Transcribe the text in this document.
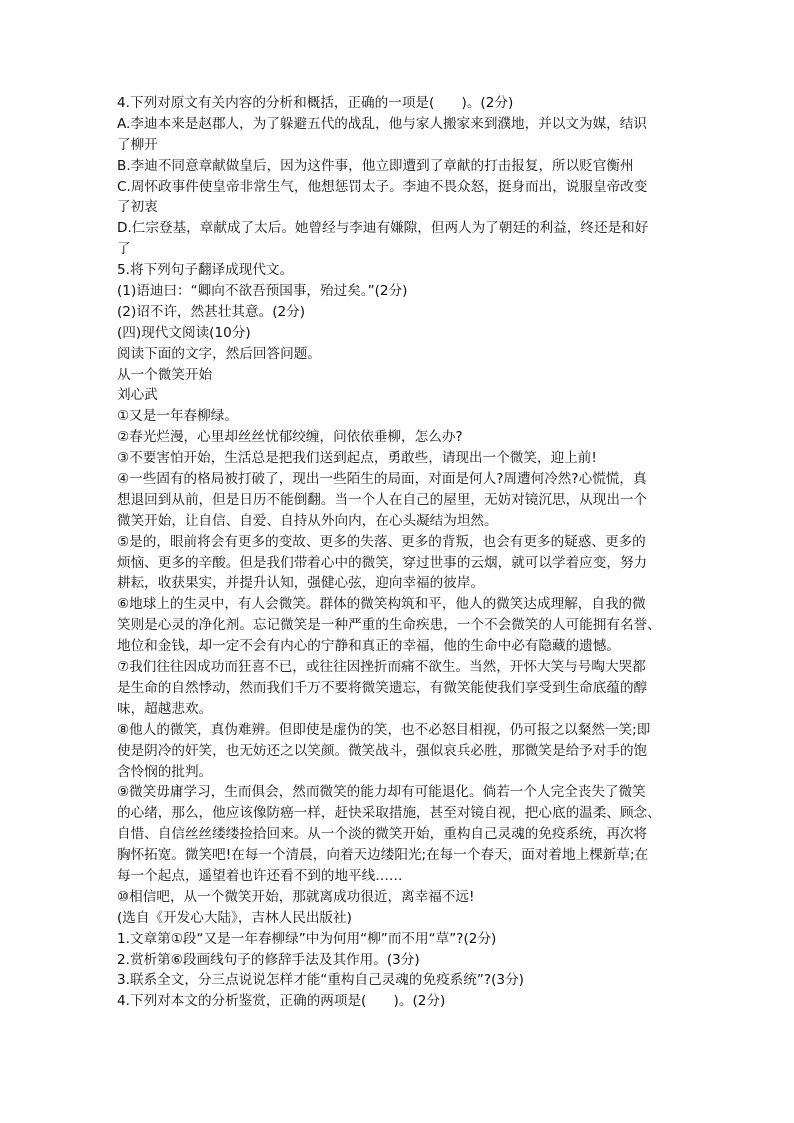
4.下列对原文有关内容的分析和概括，正确的一项是(　　)。(2分)
A.李迪本来是赵郡人，为了躲避五代的战乱，他与家人搬家来到濮地，并以文为媒，结识
了柳开
B.李迪不同意章献做皇后，因为这件事，他立即遭到了章献的打击报复，所以贬官衡州
C.周怀政事件使皇帝非常生气，他想惩罚太子。李迪不畏众怒，挺身而出，说服皇帝改变
了初衷
D.仁宗登基，章献成了太后。她曾经与李迪有嫌隙，但两人为了朝廷的利益，终还是和好
了
5.将下列句子翻译成现代文。
(1)语迪曰：“卿向不欲吾预国事，殆过矣。”(2分)
(2)诏不许，然甚壮其意。(2分)
(四)现代文阅读(10分)
阅读下面的文字，然后回答问题。
从一个微笑开始
刘心武
①又是一年春柳绿。
②春光烂漫，心里却丝丝忧郁绞缠，问依依垂柳，怎么办?
③不要害怕开始，生活总是把我们送到起点，勇敢些，请现出一个微笑，迎上前!
④一些固有的格局被打破了，现出一些陌生的局面，对面是何人?周遭何冷然?心慌慌，真
想退回到从前，但是日历不能倒翻。当一个人在自己的屋里，无妨对镜沉思，从现出一个
微笑开始，让自信、自爱、自持从外向内，在心头凝结为坦然。
⑤是的，眼前将会有更多的变故、更多的失落、更多的背叛，也会有更多的疑惑、更多的
烦恼、更多的辛酸。但是我们带着心中的微笑，穿过世事的云烟，就可以学着应变，努力
耕耘，收获果实，并提升认知，强健心弦，迎向幸福的彼岸。
⑥地球上的生灵中，有人会微笑。群体的微笑构筑和平，他人的微笑达成理解，自我的微
笑则是心灵的净化剂。忘记微笑是一种严重的生命疾患，一个不会微笑的人可能拥有名誉、
地位和金钱，却一定不会有内心的宁静和真正的幸福，他的生命中必有隐藏的遗憾。
⑦我们往往因成功而狂喜不已，或往往因挫折而痛不欲生。当然，开怀大笑与号啕大哭都
是生命的自然悸动，然而我们千万不要将微笑遗忘，有微笑能使我们享受到生命底蕴的醇
味，超越悲欢。
⑧他人的微笑，真伪难辨。但即使是虚伪的笑，也不必怒目相视，仍可报之以粲然一笑;即
使是阴冷的奸笑，也无妨还之以笑颜。微笑战斗，强似哀兵必胜，那微笑是给予对手的饱
含怜悯的批判。
⑨微笑毋庸学习，生而俱会，然而微笑的能力却有可能退化。倘若一个人完全丧失了微笑
的心绪，那么，他应该像防癌一样，赶快采取措施，甚至对镜自视，把心底的温柔、顾念、
自惜、自信丝丝缕缕捡拾回来。从一个淡的微笑开始，重构自己灵魂的免疫系统，再次将
胸怀拓宽。微笑吧!在每一个清晨，向着天边缕阳光;在每一个春天，面对着地上棵新草;在
每一个起点，遥望着也许还看不到的地平线……
⑩相信吧，从一个微笑开始，那就离成功很近，离幸福不远!
(选自《开发心大陆》，吉林人民出版社)
1.文章第①段“又是一年春柳绿”中为何用“柳”而不用“草”?(2分)
2.赏析第⑥段画线句子的修辞手法及其作用。(3分)
3.联系全文，分三点说说怎样才能“重构自己灵魂的免疫系统”?(3分)
4.下列对本文的分析鉴赏，正确的两项是(　　)。(2分)
